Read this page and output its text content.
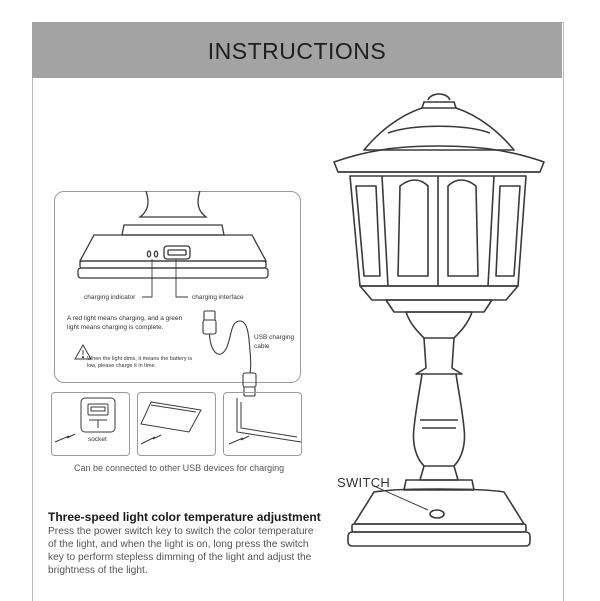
INSTRUCTIONS
charging indicator	charging interface
A red light means charging, and a green light means charging is complete.
USB charging cable
When the light dims, it means the battery is low, please charge it in time.
socket
Can be connected to other USB devices for charging
SWITCH
Three-speed light color temperature adjustment
Press the power switch key to switch the color temperature of the light, and when the light is on, long press the switch key to perform stepless dimming of the light and adjust the brightness of the light.
